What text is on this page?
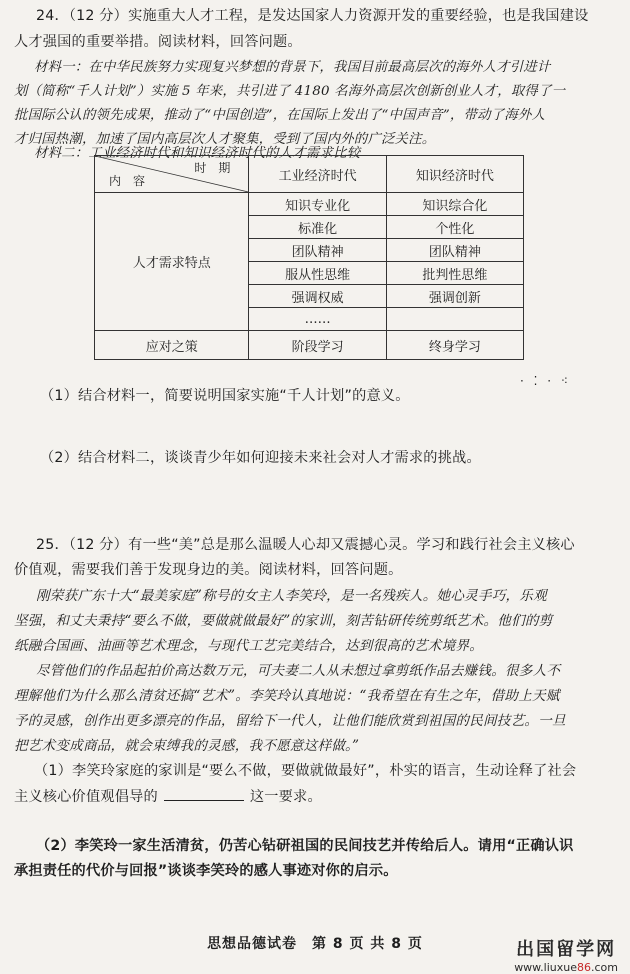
24．（12 分）实施重大人才工程，是发达国家人力资源开发的重要经验，也是我国建设

人才强国的重要举措。阅读材料，回答问题。

材料一：在中华民族努力实现复兴梦想的背景下，我国目前最高层次的海外人才引进计

划（简称“千人计划”）实施 5 年来，共引进了 4180 名海外高层次创新创业人才，取得了一

批国际公认的领先成果，推动了“中国创造”，在国际上发出了“中国声音”，带动了海外人

才归国热潮，加速了国内高层次人才聚集，受到了国内外的广泛关注。

材料二：工业经济时代和知识经济时代的人才需求比较

时　期
内　容	工业经济时代	知识经济时代
人才需求特点	知识专业化	知识综合化
	标准化	个性化
	团队精神	团队精神
	服从性思维	批判性思维
	强调权威	强调创新
	……	
应对之策	阶段学习	终身学习
⋅ ⁚ ⋅ ⁖

（1）结合材料一，简要说明国家实施“千人计划”的意义。

（2）结合材料二，谈谈青少年如何迎接未来社会对人才需求的挑战。

25．（12 分）有一些“美”总是那么温暖人心却又震撼心灵。学习和践行社会主义核心

价值观，需要我们善于发现身边的美。阅读材料，回答问题。

刚荣获广东十大“最美家庭”称号的女主人李笑玲，是一名残疾人。她心灵手巧，乐观

坚强，和丈夫秉持“要么不做，要做就做最好”的家训，刻苦钻研传统剪纸艺术。他们的剪

纸融合国画、油画等艺术理念，与现代工艺完美结合，达到很高的艺术境界。

尽管他们的作品起拍价高达数万元，可夫妻二人从未想过拿剪纸作品去赚钱。很多人不

理解他们为什么那么清贫还搞“艺术”。李笑玲认真地说：“我希望在有生之年，借助上天赋

予的灵感，创作出更多漂亮的作品，留给下一代人，让他们能欣赏到祖国的民间技艺。一旦

把艺术变成商品，就会束缚我的灵感，我不愿意这样做。”

（1）李笑玲家庭的家训是“要么不做，要做就做最好”，朴实的语言，生动诠释了社会

主义核心价值观倡导的	这一要求。

（2）李笑玲一家生活清贫，仍苦心钻研祖国的民间技艺并传给后人。请用“正确认识

承担责任的代价与回报”谈谈李笑玲的感人事迹对你的启示。

思想品德试卷　第 8 页 共 8 页	出国留学网
www.liuxue86.com
